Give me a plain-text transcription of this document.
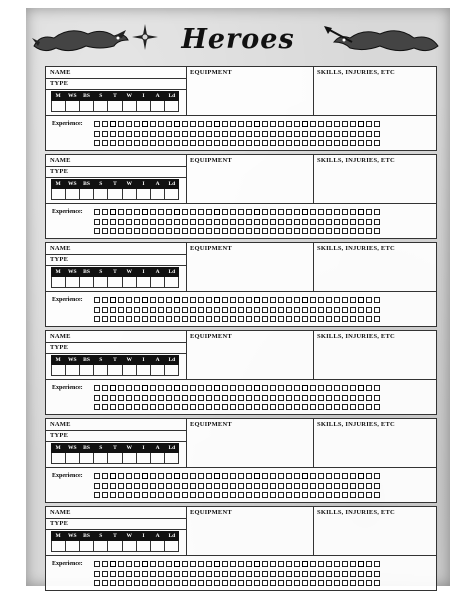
Heroes
NAME
TYPE
M	WS	BS	S	T	W	I	A	Ld
EQUIPMENT	SKILLS, INJURIES, ETC
Experience:
NAME
TYPE
M	WS	BS	S	T	W	I	A	Ld
EQUIPMENT	SKILLS, INJURIES, ETC
Experience:
NAME
TYPE
M	WS	BS	S	T	W	I	A	Ld
EQUIPMENT	SKILLS, INJURIES, ETC
Experience:
NAME
TYPE
M	WS	BS	S	T	W	I	A	Ld
EQUIPMENT	SKILLS, INJURIES, ETC
Experience:
NAME
TYPE
M	WS	BS	S	T	W	I	A	Ld
EQUIPMENT	SKILLS, INJURIES, ETC
Experience:
NAME
TYPE
M	WS	BS	S	T	W	I	A	Ld
EQUIPMENT	SKILLS, INJURIES, ETC
Experience:
